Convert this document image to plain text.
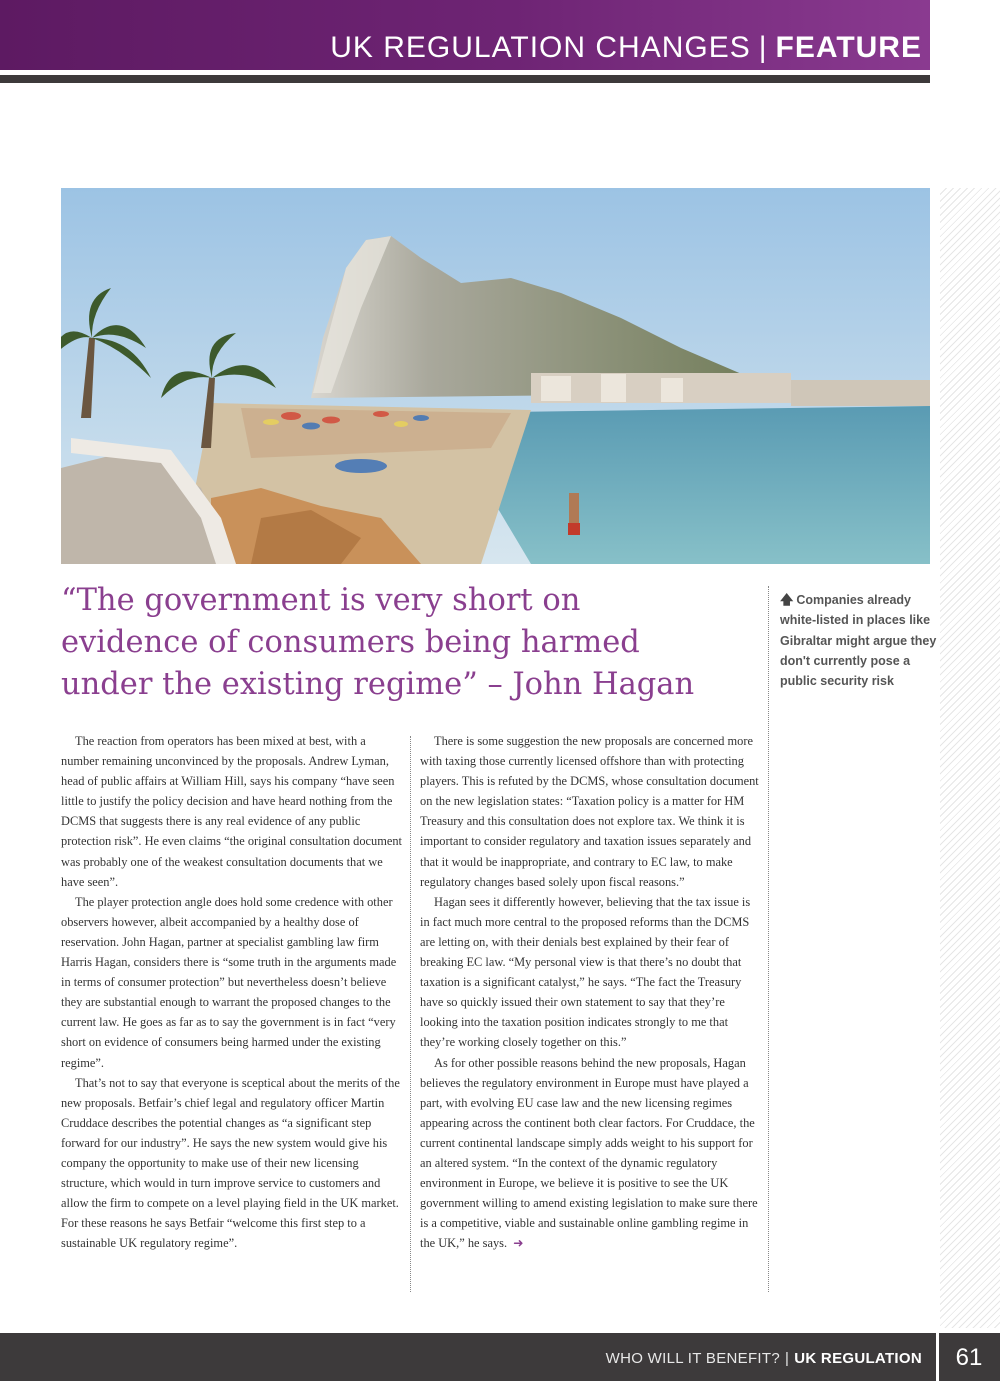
UK REGULATION CHANGES | FEATURE
“The government is very short on evidence of consumers being harmed under the existing regime” – John Hagan
🡅 Companies already white-listed in places like Gibraltar might argue they don't currently pose a public security risk

The reaction from operators has been mixed at best, with a number remaining unconvinced by the proposals. Andrew Lyman, head of public affairs at William Hill, says his company “have seen little to justify the policy decision and have heard nothing from the DCMS that suggests there is any real evidence of any public protection risk”. He even claims “the original consultation document was probably one of the weakest consultation documents that we have seen”.

The player protection angle does hold some credence with other observers however, albeit accompanied by a healthy dose of reservation. John Hagan, partner at specialist gambling law firm Harris Hagan, considers there is “some truth in the arguments made in terms of consumer protection” but nevertheless doesn’t believe they are substantial enough to warrant the proposed changes to the current law. He goes as far as to say the government is in fact “very short on evidence of consumers being harmed under the existing regime”.

That’s not to say that everyone is sceptical about the merits of the new proposals. Betfair’s chief legal and regulatory officer Martin Cruddace describes the potential changes as “a significant step forward for our industry”. He says the new system would give his company the opportunity to make use of their new licensing structure, which would in turn improve service to customers and allow the firm to compete on a level playing field in the UK market. For these reasons he says Betfair “welcome this first step to a sustainable UK regulatory regime”.

There is some suggestion the new proposals are concerned more with taxing those currently licensed offshore than with protecting players. This is refuted by the DCMS, whose consultation document on the new legislation states: “Taxation policy is a matter for HM Treasury and this consultation does not explore tax. We think it is important to consider regulatory and taxation issues separately and that it would be inappropriate, and contrary to EC law, to make regulatory changes based solely upon fiscal reasons.”

Hagan sees it differently however, believing that the tax issue is in fact much more central to the proposed reforms than the DCMS are letting on, with their denials best explained by their fear of breaking EC law. “My personal view is that there’s no doubt that taxation is a significant catalyst,” he says. “The fact the Treasury have so quickly issued their own statement to say that they’re looking into the taxation position indicates strongly to me that they’re working closely together on this.”

As for other possible reasons behind the new proposals, Hagan believes the regulatory environment in Europe must have played a part, with evolving EU case law and the new licensing regimes appearing across the continent both clear factors. For Cruddace, the current continental landscape simply adds weight to his support for an altered system. “In the context of the dynamic regulatory environment in Europe, we believe it is positive to see the UK government willing to amend existing legislation to make sure there is a competitive, viable and sustainable online gambling regime in the UK,” he says. ➜

WHO WILL IT BENEFIT? | UK REGULATION	61
